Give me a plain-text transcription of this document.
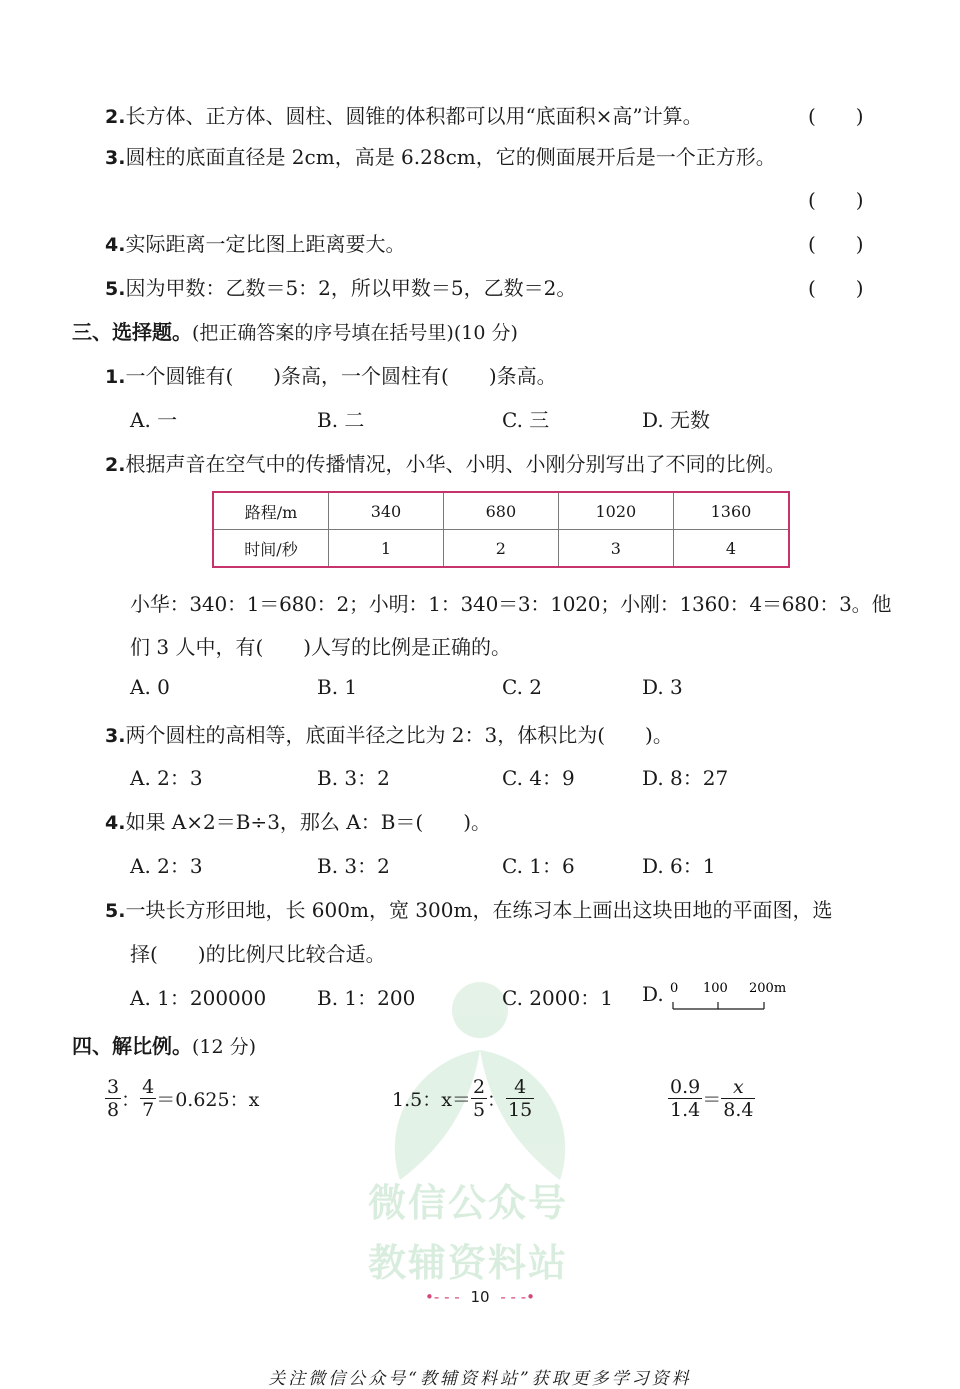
微信公众号
教辅资料站
2.长方体、正方体、圆柱、圆锥的体积都可以用“底面积×高”计算。	(　　)
3.圆柱的底面直径是 2cm，高是 6.28cm，它的侧面展开后是一个正方形。
(　　)
4.实际距离一定比图上距离要大。	(　　)
5.因为甲数：乙数＝5：2，所以甲数＝5，乙数＝2。	(　　)
三、选择题。(把正确答案的序号填在括号里)(10 分)
1.一个圆锥有(　　)条高，一个圆柱有(　　)条高。
A. 一	B. 二	C. 三	D. 无数
2.根据声音在空气中的传播情况，小华、小明、小刚分别写出了不同的比例。
路程/m	340	680	1020	1360
时间/秒	1	2	3	4
小华：340：1＝680：2；小明：1：340＝3：1020；小刚：1360：4＝680：3。他
们 3 人中，有(　　)人写的比例是正确的。
A. 0	B. 1	C. 2	D. 3
3.两个圆柱的高相等，底面半径之比为 2：3，体积比为(　　)。
A. 2：3	B. 3：2	C. 4：9	D. 8：27
4.如果 A×2＝B÷3，那么 A：B＝(　　)。
A. 2：3	B. 3：2	C. 1：6	D. 6：1
5.一块长方形田地，长 600m，宽 300m，在练习本上画出这块田地的平面图，选
择(　　)的比例尺比较合适。
A. 1：200000	B. 1：200	C. 2000：1 D. 0 100 200m
四、解比例。(12 分)
$\frac{3}{8}$ ： $\frac{4}{7} =0.625$：x	1.5：$x= \frac{2}{5}$ ： $\frac{4}{15}$	$\frac{0.9}{1.4} = \frac{x}{8.4}$
•- - - 10 - - -•
关注微信公众号“教辅资料站”获取更多学习资料
